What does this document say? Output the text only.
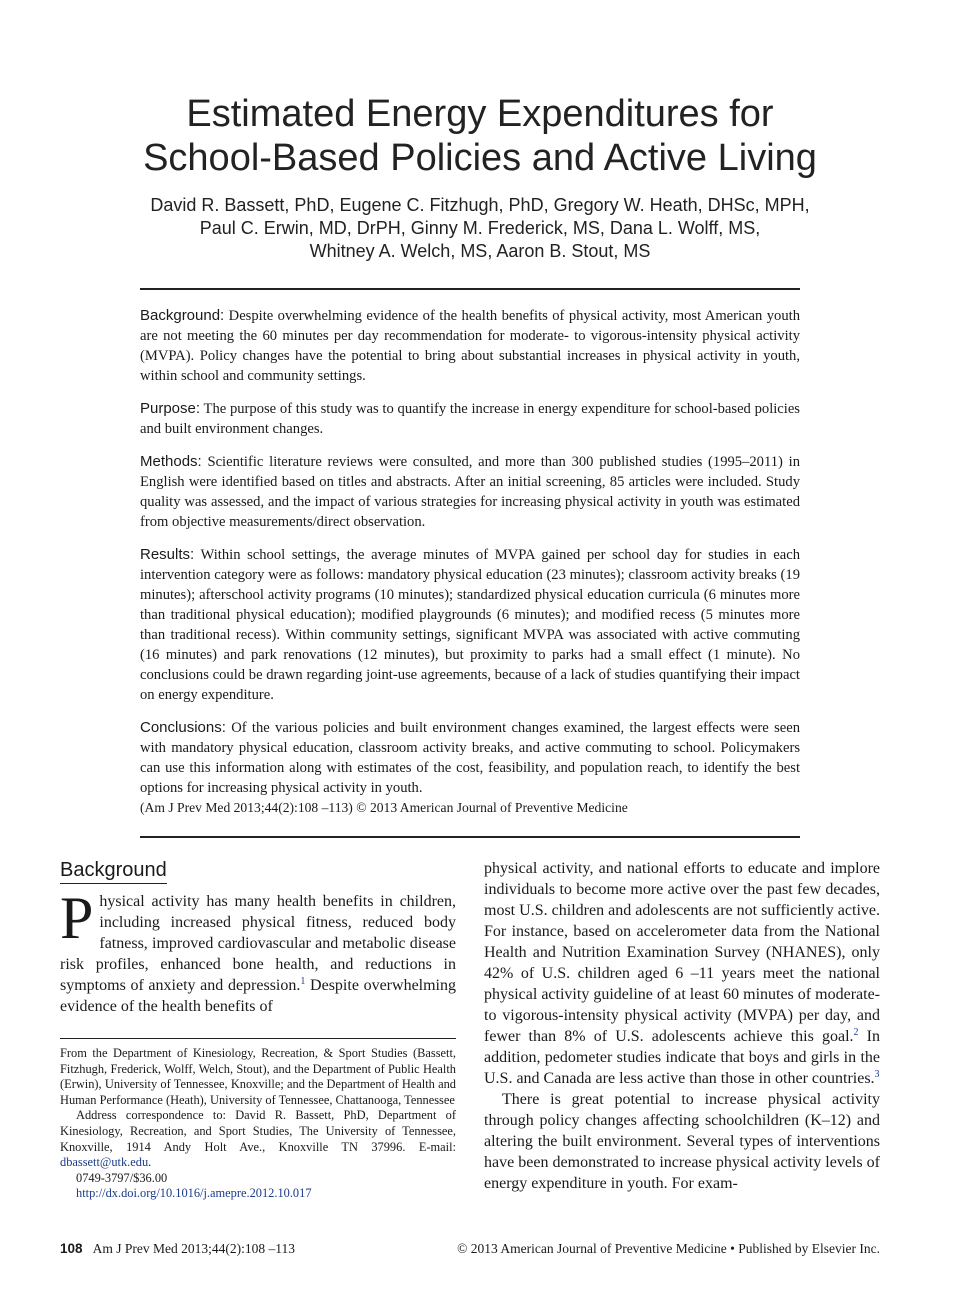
Estimated Energy Expenditures for
School-Based Policies and Active Living
David R. Bassett, PhD, Eugene C. Fitzhugh, PhD, Gregory W. Heath, DHSc, MPH,
Paul C. Erwin, MD, DrPH, Ginny M. Frederick, MS, Dana L. Wolff, MS,
Whitney A. Welch, MS, Aaron B. Stout, MS

Background: Despite overwhelming evidence of the health benefits of physical activity, most American youth are not meeting the 60 minutes per day recommendation for moderate- to vigorous-intensity physical activity (MVPA). Policy changes have the potential to bring about substantial increases in physical activity in youth, within school and community settings.

Purpose: The purpose of this study was to quantify the increase in energy expenditure for school-based policies and built environment changes.

Methods: Scientific literature reviews were consulted, and more than 300 published studies (1995–2011) in English were identified based on titles and abstracts. After an initial screening, 85 articles were included. Study quality was assessed, and the impact of various strategies for increasing physical activity in youth was estimated from objective measurements/direct observation.

Results: Within school settings, the average minutes of MVPA gained per school day for studies in each intervention category were as follows: mandatory physical education (23 minutes); classroom activity breaks (19 minutes); afterschool activity programs (10 minutes); standardized physical education curricula (6 minutes more than traditional physical education); modified playgrounds (6 minutes); and modified recess (5 minutes more than traditional recess). Within community settings, significant MVPA was associated with active commuting (16 minutes) and park renovations (12 minutes), but proximity to parks had a small effect (1 minute). No conclusions could be drawn regarding joint-use agreements, because of a lack of studies quantifying their impact on energy expenditure.

Conclusions: Of the various policies and built environment changes examined, the largest effects were seen with mandatory physical education, classroom activity breaks, and active commuting to school. Policymakers can use this information along with estimates of the cost, feasibility, and population reach, to identify the best options for increasing physical activity in youth.

(Am J Prev Med 2013;44(2):108 –113) © 2013 American Journal of Preventive Medicine

Background

Physical activity has many health benefits in children, including increased physical fitness, reduced body fatness, improved cardiovascular and metabolic disease risk profiles, enhanced bone health, and reductions in symptoms of anxiety and depression.$^1$ Despite overwhelming evidence of the health benefits of

From the Department of Kinesiology, Recreation, & Sport Studies (Bassett, Fitzhugh, Frederick, Wolff, Welch, Stout), and the Department of Public Health (Erwin), University of Tennessee, Knoxville; and the Department of Health and Human Performance (Heath), University of Tennessee, Chattanooga, Tennessee

Address correspondence to: David R. Bassett, PhD, Department of Kinesiology, Recreation, and Sport Studies, The University of Tennessee, Knoxville, 1914 Andy Holt Ave., Knoxville TN 37996. E-mail: dbassett@utk.edu.

0749-3797/$36.00

http://dx.doi.org/10.1016/j.amepre.2012.10.017

physical activity, and national efforts to educate and implore individuals to become more active over the past few decades, most U.S. children and adolescents are not sufficiently active. For instance, based on accelerometer data from the National Health and Nutrition Examination Survey (NHANES), only 42% of U.S. children aged 6 –11 years meet the national physical activity guideline of at least 60 minutes of moderate- to vigorous-intensity physical activity (MVPA) per day, and fewer than 8% of U.S. adolescents achieve this goal.$^2$ In addition, pedometer studies indicate that boys and girls in the U.S. and Canada are less active than those in other countries.$^3$

There is great potential to increase physical activity through policy changes affecting schoolchildren (K–12) and altering the built environment. Several types of interventions have been demonstrated to increase physical activity levels of energy expenditure in youth. For exam-

108 Am J Prev Med 2013;44(2):108 –113	© 2013 American Journal of Preventive Medicine • Published by Elsevier Inc.
